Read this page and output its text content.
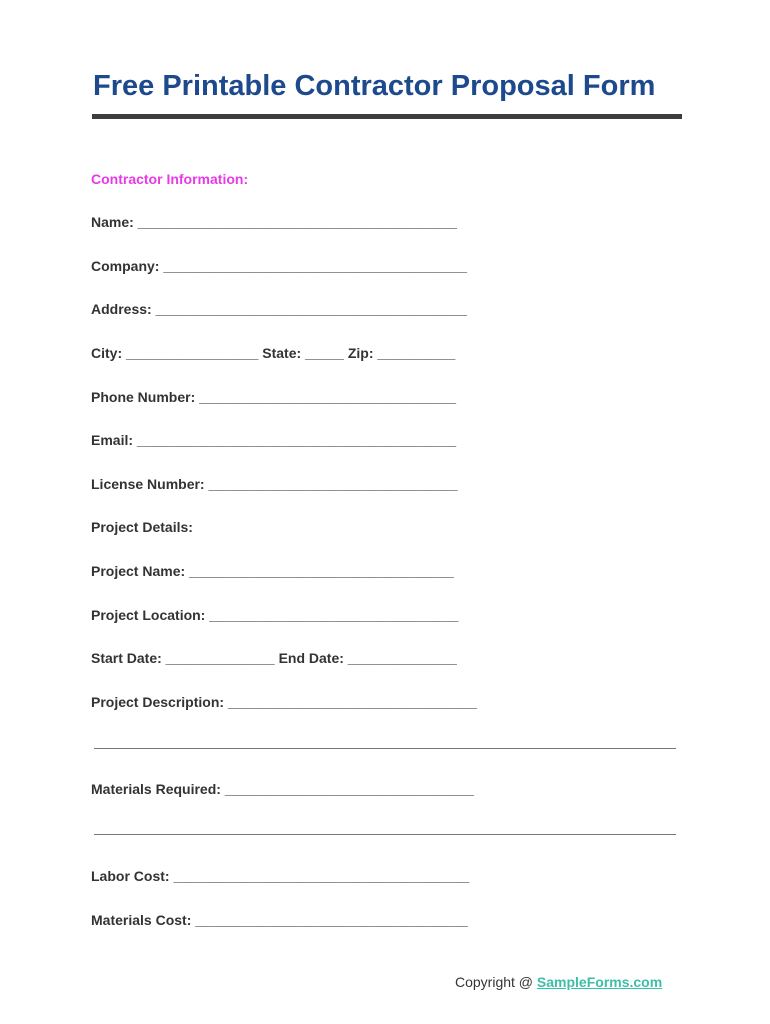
Free Printable Contractor Proposal Form

Contractor Information:

Name: _________________________________________

Company: _______________________________________

Address: ________________________________________

City: _________________ State: _____ Zip: __________

Phone Number: _________________________________

Email: _________________________________________

License Number: ________________________________

Project Details:

Project Name: __________________________________

Project Location: ________________________________

Start Date: ______________ End Date: ______________

Project Description: ________________________________

Materials Required: ________________________________

Labor Cost: ______________________________________

Materials Cost: ___________________________________

Copyright @ SampleForms.com
